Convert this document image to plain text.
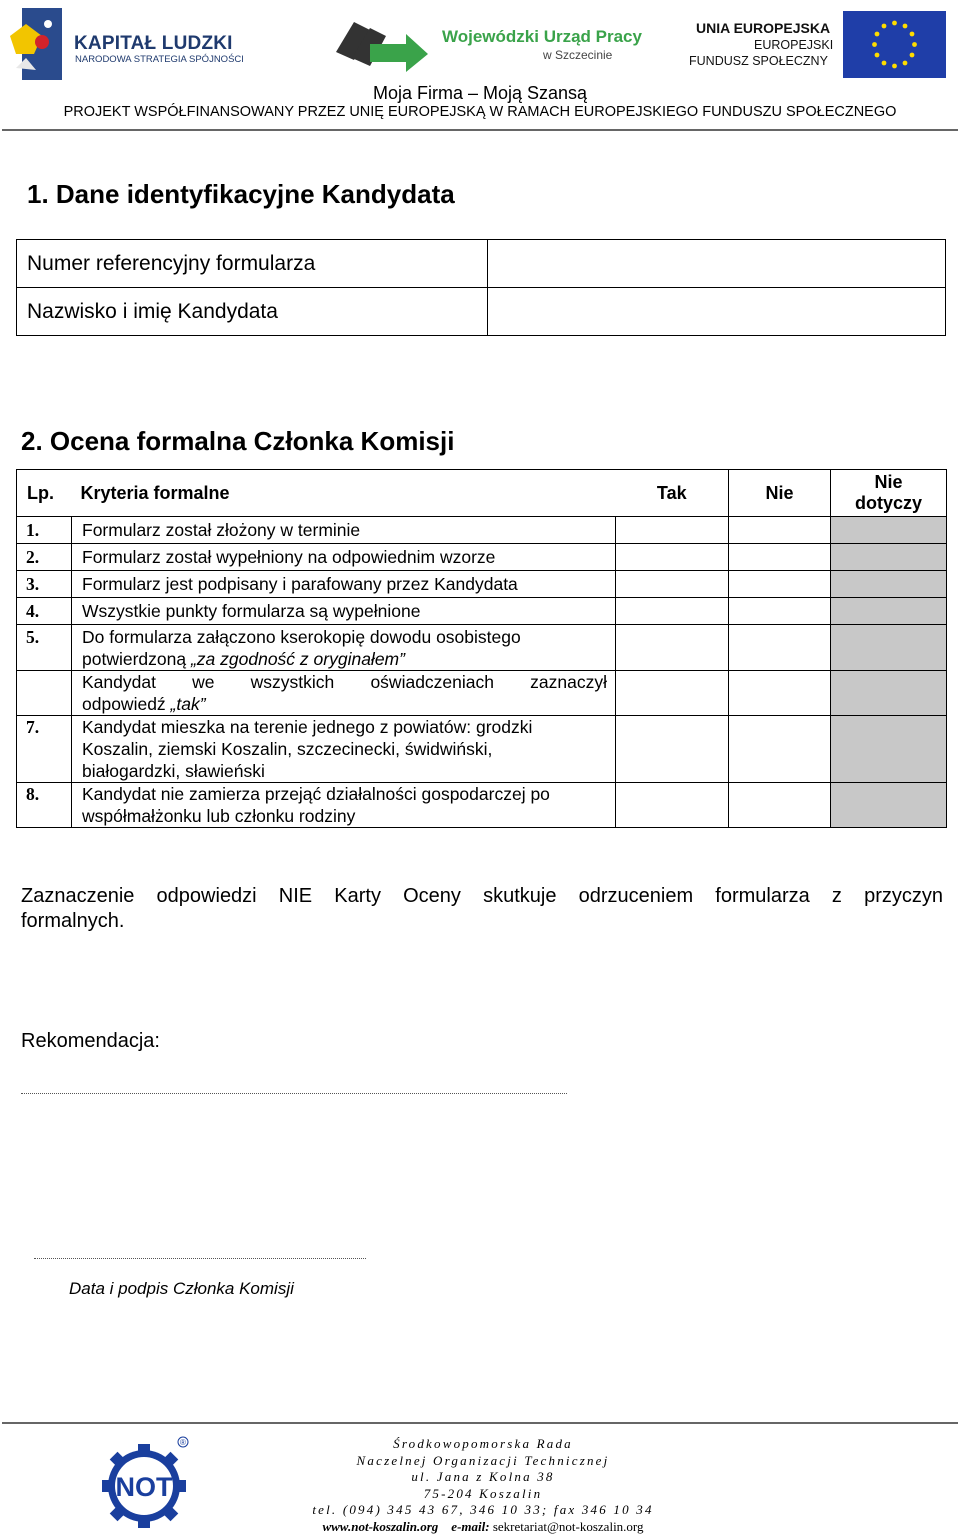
KAPITAŁ LUDZKI
NARODOWA STRATEGIA SPÓJNOŚCI
Wojewódzki Urząd Pracy
w Szczecinie
UNIA EUROPEJSKA
EUROPEJSKI
FUNDUSZ SPOŁECZNY
Moja Firma – Moją Szansą
PROJEKT WSPÓŁFINANSOWANY PRZEZ UNIĘ EUROPEJSKĄ W RAMACH EUROPEJSKIEGO FUNDUSZU SPOŁECZNEGO
1. Dane identyfikacyjne Kandydata
Numer referencyjny formularza	
Nazwisko i imię Kandydata	
2. Ocena formalna Członka Komisji
Lp.	Kryteria formalne	Tak	Nie	Nie
dotyczy
1.	Formularz został złożony w terminie			
2.	Formularz został wypełniony na odpowiednim wzorze			
3.	Formularz jest podpisany i parafowany przez Kandydata			
4.	Wszystkie punkty formularza są wypełnione			
5.	Do formularza załączono kserokopię dowodu osobistego
potwierdzoną „za zgodność z oryginałem”			

	Kandydat we wszystkich oświadczeniach zaznaczył
odpowiedź „tak”			
7.	Kandydat mieszka na terenie jednego z powiatów: grodzki
Koszalin, ziemski Koszalin, szczecinecki, świdwiński,
białogardzki, sławieński			
8.	Kandydat nie zamierza przejąć działalności gospodarczej po
współmałżonku lub członku rodziny			
Zaznaczenie odpowiedzi NIE Karty Oceny skutkuje odrzuceniem formularza z przyczyn
formalnych.
Rekomendacja:
Data i podpis Członka Komisji
NOT
®	Środkowopomorska Rada
Naczelnej Organizacji Technicznej
ul. Jana z Kolna 38
75-204 Koszalin
tel. (094) 345 43 67, 346 10 33; fax 346 10 34
www.not-koszalin.org e-mail: sekretariat@not-koszalin.org
